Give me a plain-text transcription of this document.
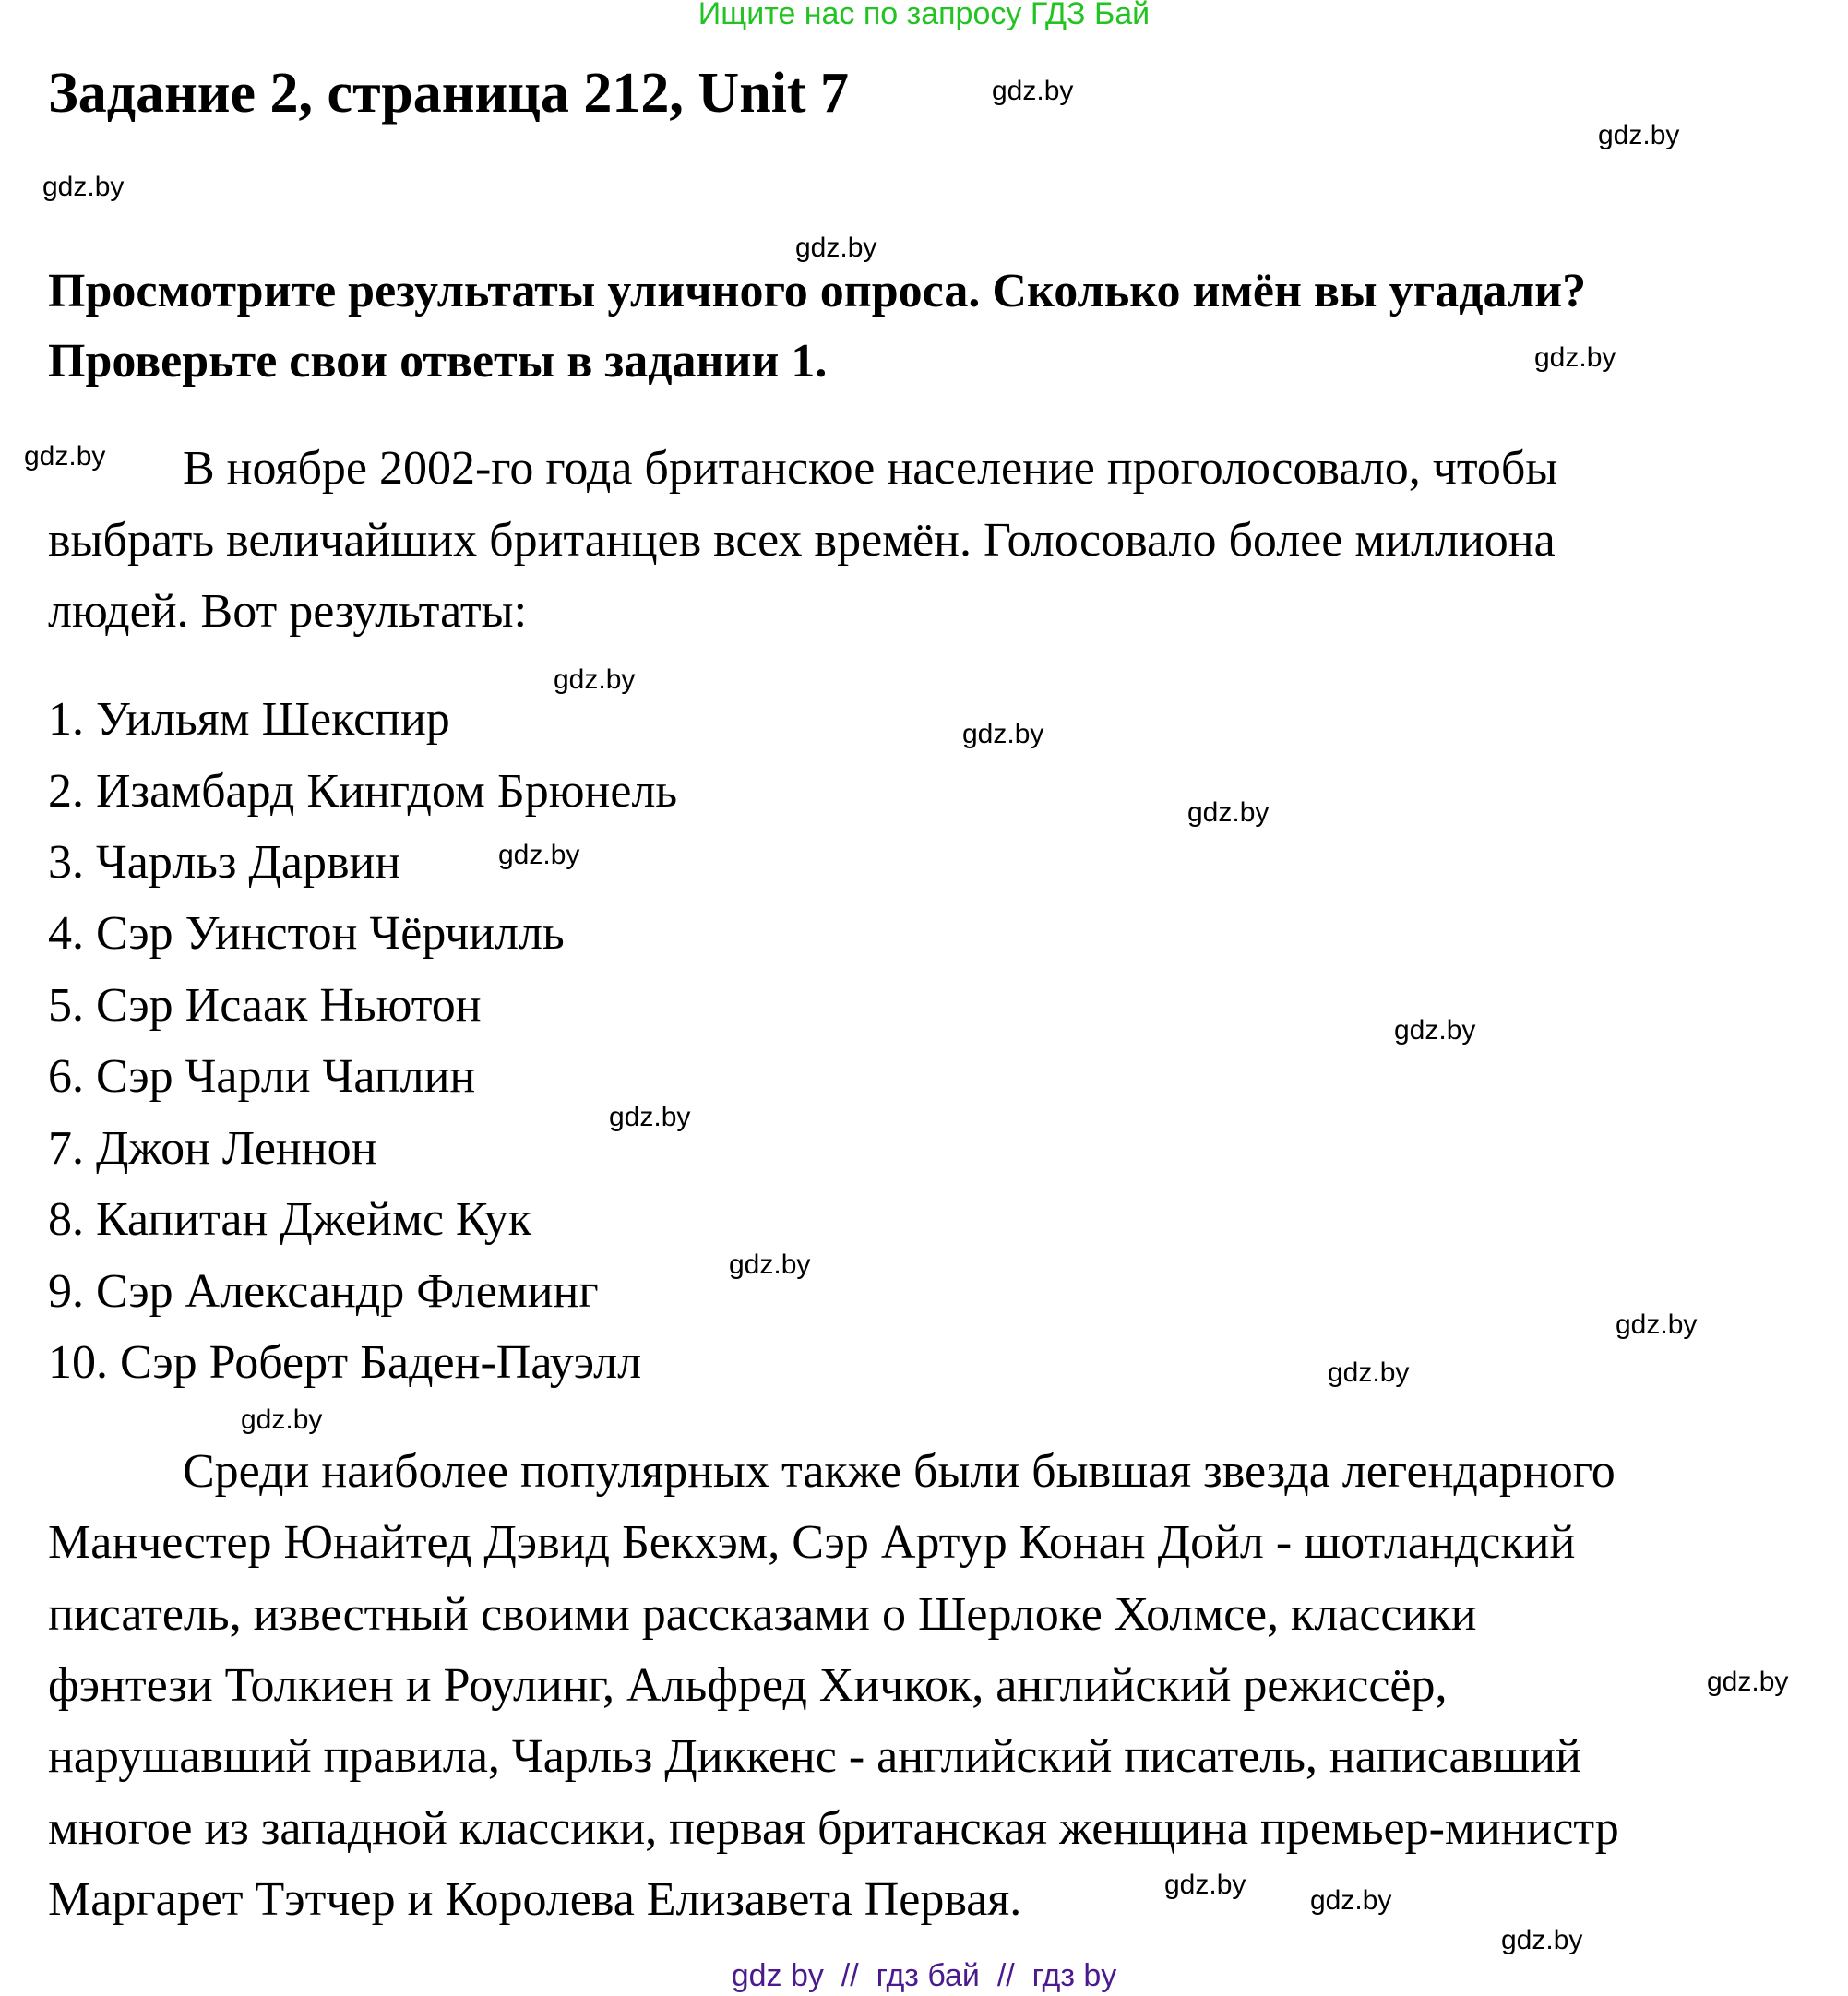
Ищите нас по запросу ГДЗ Бай
Задание 2, страница 212, Unit 7
Просмотрите результаты уличного опроса. Сколько имён вы угадали?
Проверьте свои ответы в задании 1.
В ноябре 2002-го года британское население проголосовало, чтобы
выбрать величайших британцев всех времён. Голосовало более миллиона
людей. Вот результаты:
1. Уильям Шекспир
2. Изамбард Кингдом Брюнель
3. Чарльз Дарвин
4. Сэр Уинстон Чёрчилль
5. Сэр Исаак Ньютон
6. Сэр Чарли Чаплин
7. Джон Леннон
8. Капитан Джеймс Кук
9. Сэр Александр Флеминг
10. Сэр Роберт Баден-Пауэлл
Среди наиболее популярных также были бывшая звезда легендарного
Манчестер Юнайтед Дэвид Бекхэм, Сэр Артур Конан Дойл - шотландский
писатель, известный своими рассказами о Шерлоке Холмсе, классики
фэнтези Толкиен и Роулинг, Альфред Хичкок, английский режиссёр,
нарушавший правила, Чарльз Диккенс - английский писатель, написавший
многое из западной классики, первая британская женщина премьер-министр
Маргарет Тэтчер и Королева Елизавета Первая.
gdz.by
gdz.by
gdz.by
gdz.by
gdz.by
gdz.by
gdz.by
gdz.by
gdz.by
gdz.by
gdz.by
gdz.by
gdz.by
gdz.by
gdz.by
gdz.by
gdz.by
gdz.by
gdz.by
gdz.by
gdz by  //  гдз бай  //  гдз by
